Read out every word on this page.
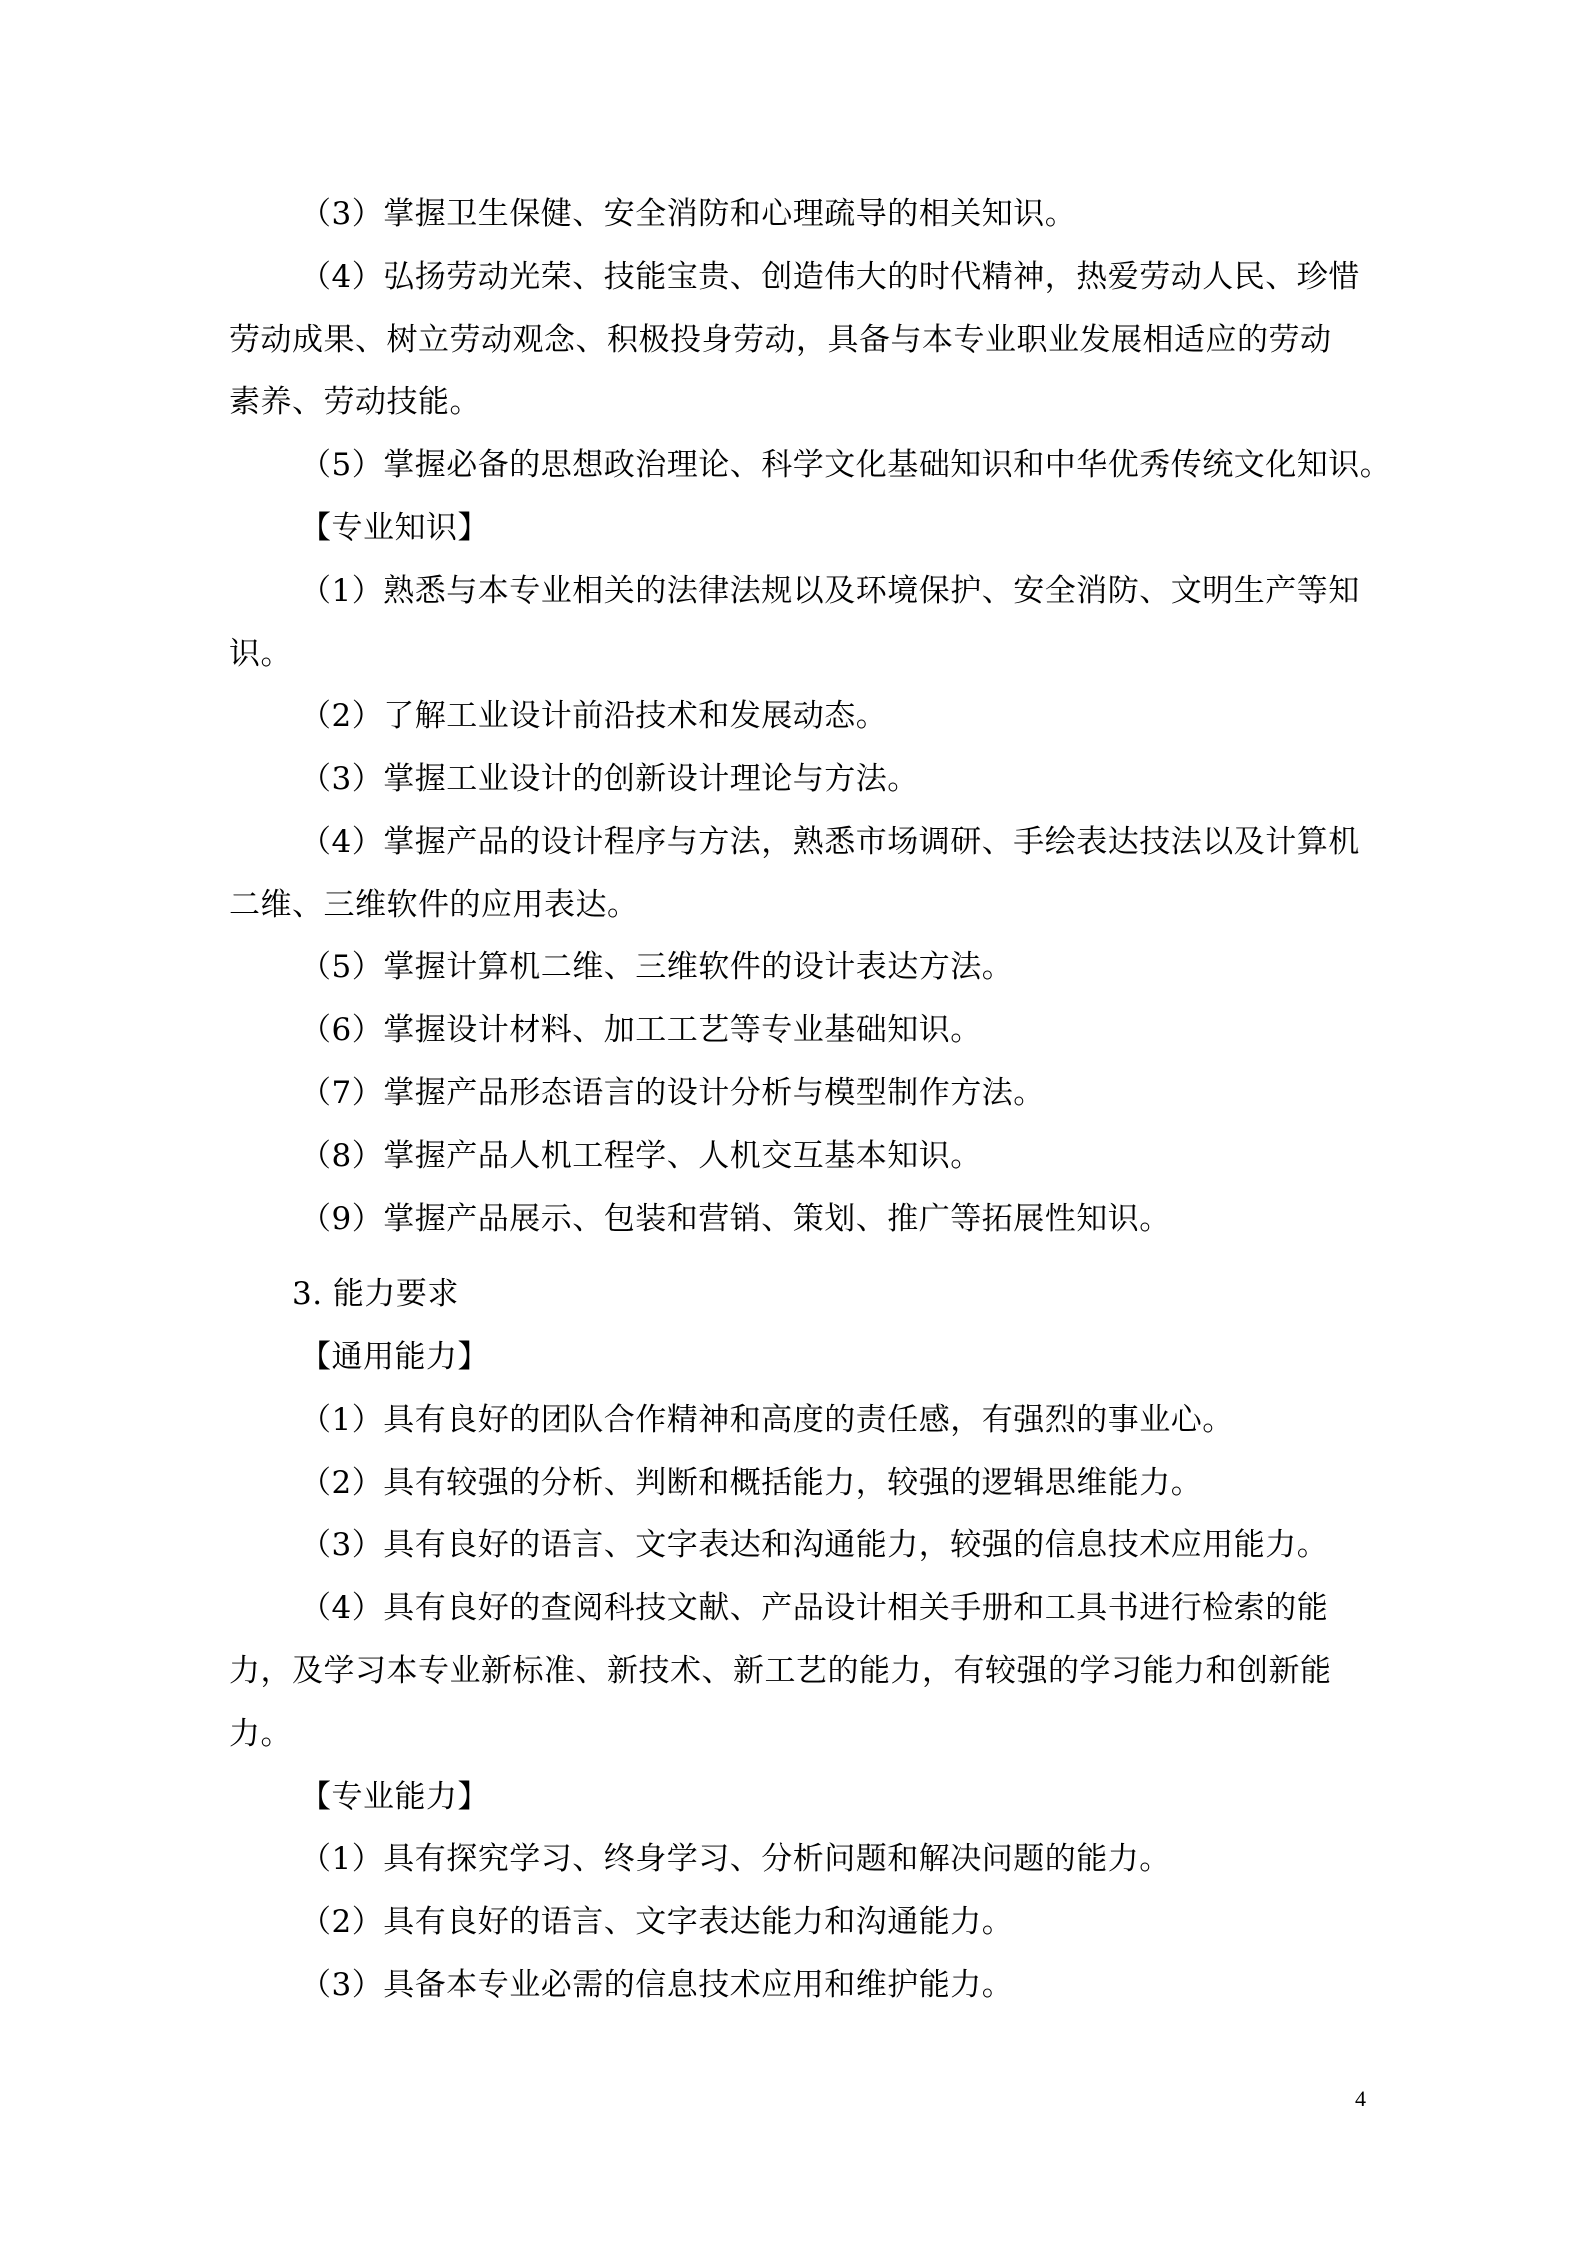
（3）掌握卫生保健、安全消防和心理疏导的相关知识。
（4）弘扬劳动光荣、技能宝贵、创造伟大的时代精神，热爱劳动人民、珍惜
劳动成果、树立劳动观念、积极投身劳动，具备与本专业职业发展相适应的劳动
素养、劳动技能。
（5）掌握必备的思想政治理论、科学文化基础知识和中华优秀传统文化知识。
【专业知识】
（1）熟悉与本专业相关的法律法规以及环境保护、安全消防、文明生产等知
识。
（2）了解工业设计前沿技术和发展动态。
（3）掌握工业设计的创新设计理论与方法。
（4）掌握产品的设计程序与方法，熟悉市场调研、手绘表达技法以及计算机
二维、三维软件的应用表达。
（5）掌握计算机二维、三维软件的设计表达方法。
（6）掌握设计材料、加工工艺等专业基础知识。
（7）掌握产品形态语言的设计分析与模型制作方法。
（8）掌握产品人机工程学、人机交互基本知识。
（9）掌握产品展示、包装和营销、策划、推广等拓展性知识。
3. 能力要求
【通用能力】
（1）具有良好的团队合作精神和高度的责任感，有强烈的事业心。
（2）具有较强的分析、判断和概括能力，较强的逻辑思维能力。
（3）具有良好的语言、文字表达和沟通能力，较强的信息技术应用能力。
（4）具有良好的查阅科技文献、产品设计相关手册和工具书进行检索的能
力，及学习本专业新标准、新技术、新工艺的能力，有较强的学习能力和创新能
力。
【专业能力】
（1）具有探究学习、终身学习、分析问题和解决问题的能力。
（2）具有良好的语言、文字表达能力和沟通能力。
（3）具备本专业必需的信息技术应用和维护能力。
4
